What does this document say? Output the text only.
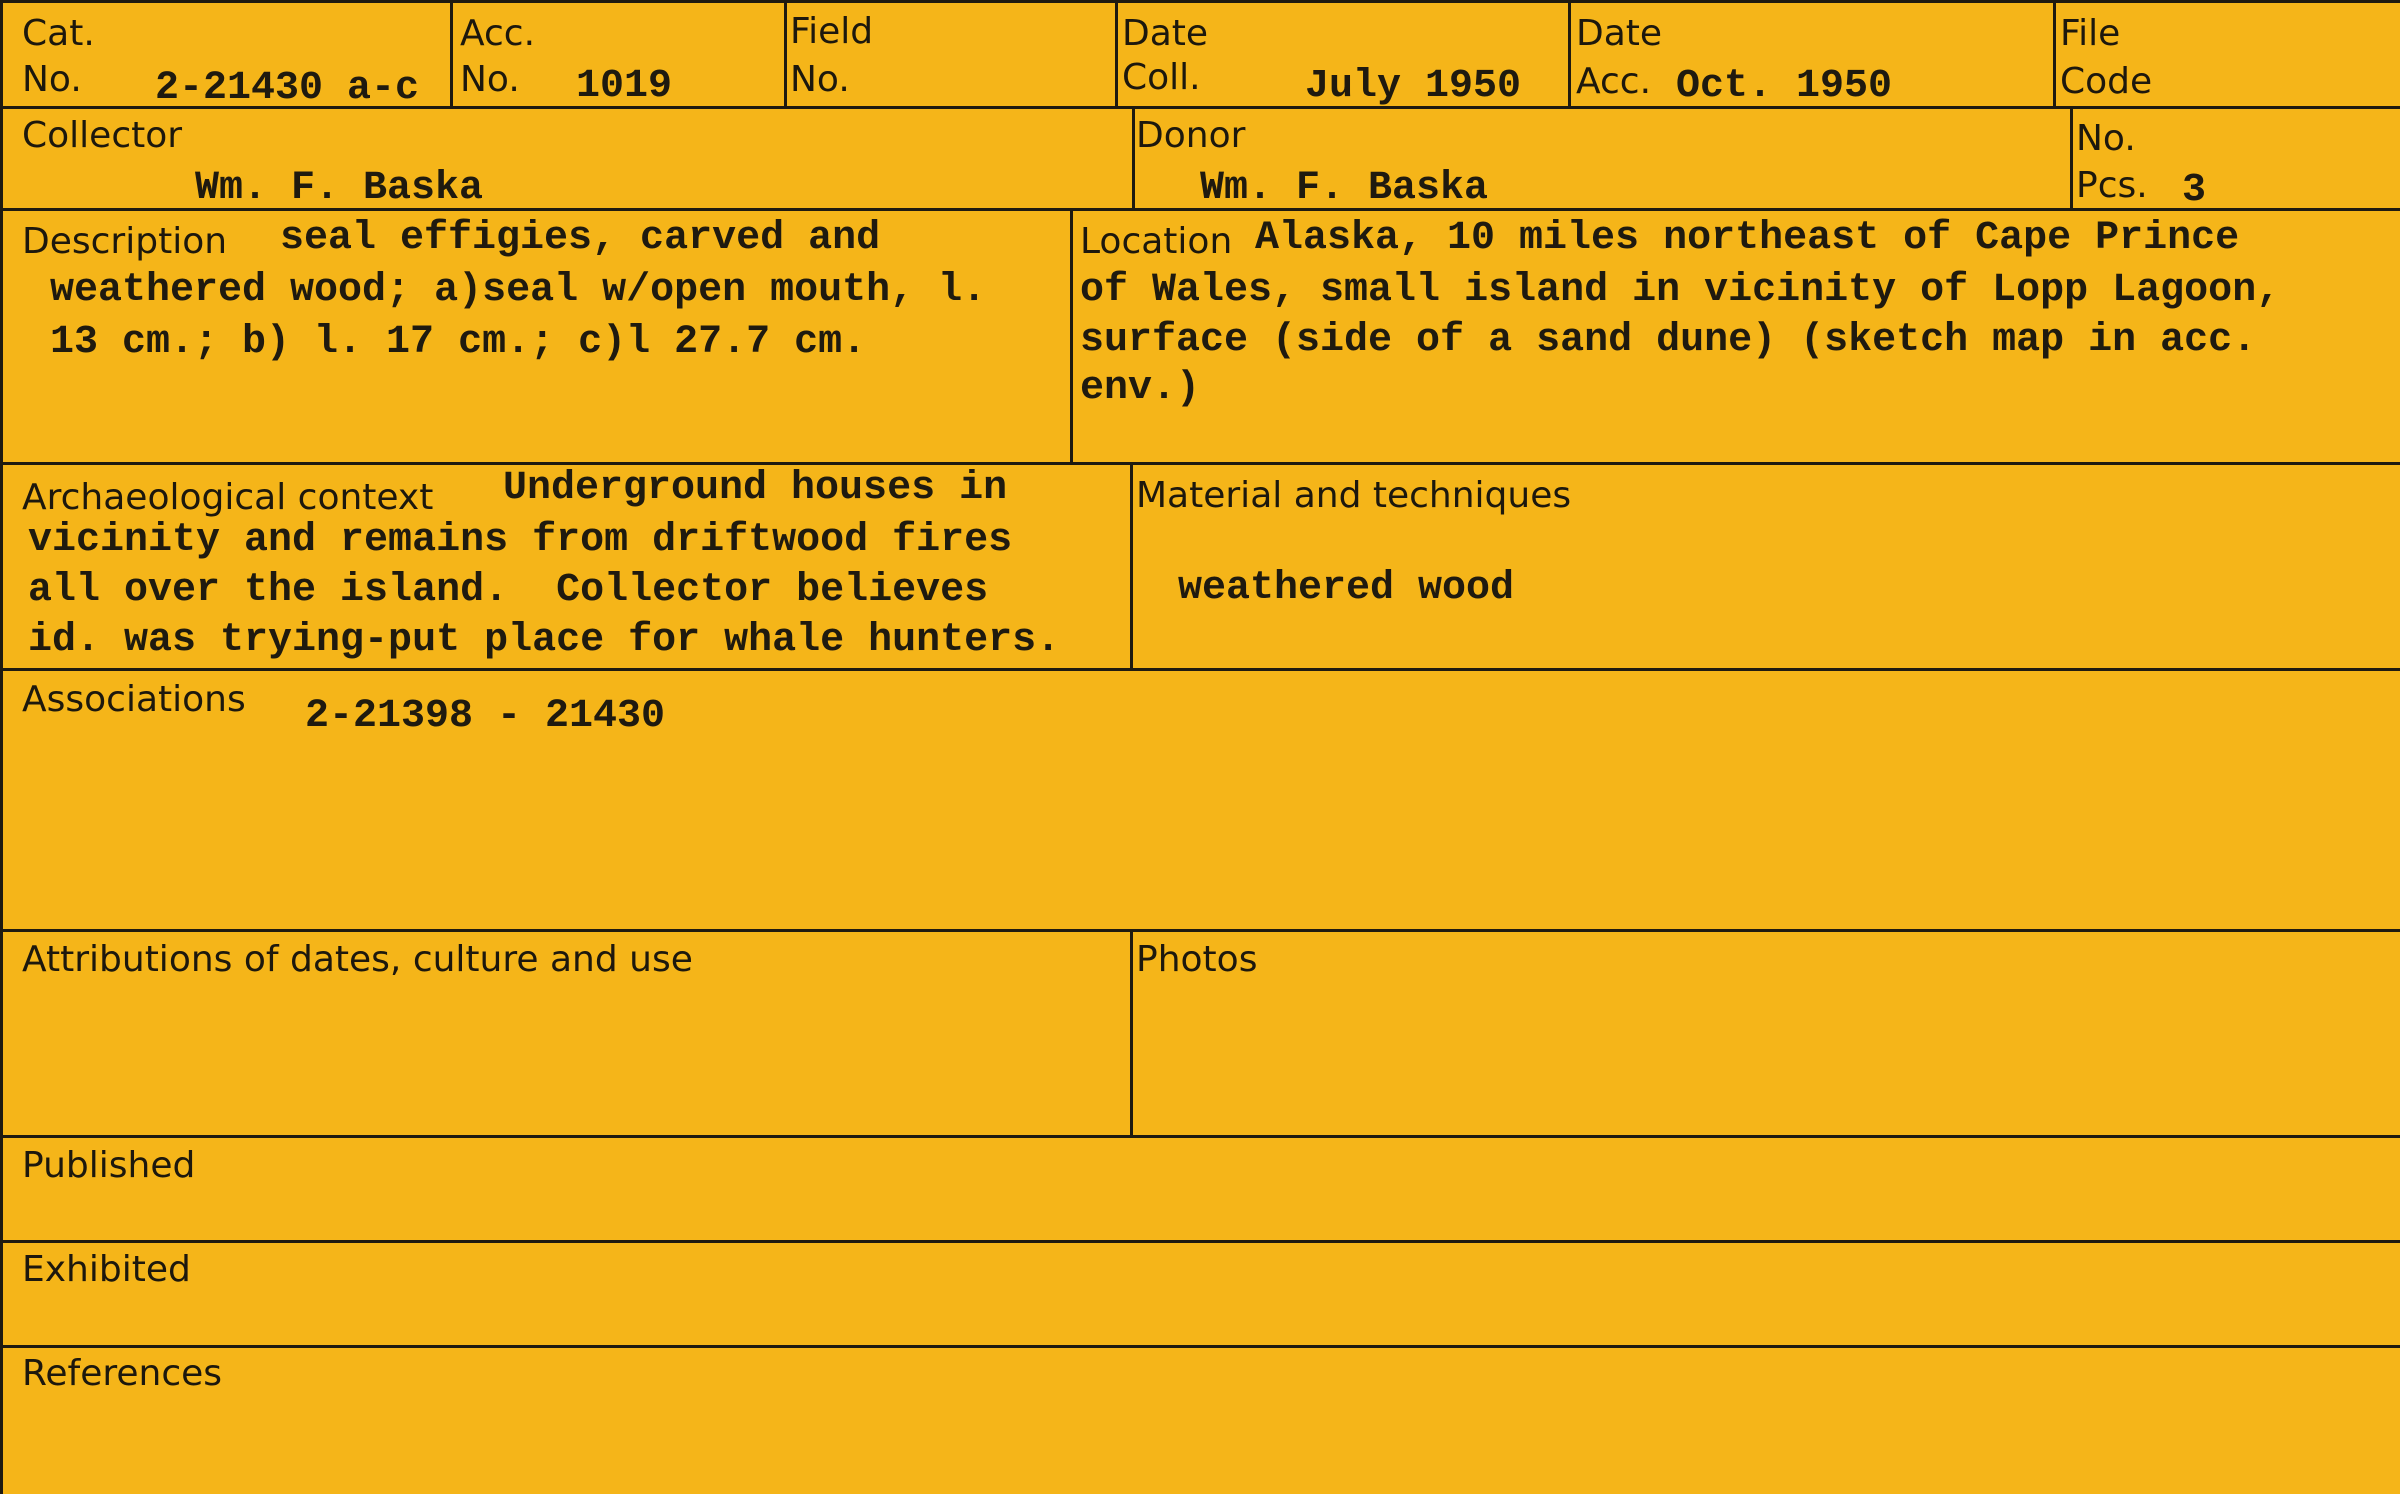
Cat.
No. 2-21430 a-c
Acc.
No. 1019
Field
No.
Date
Coll.	July 1950
Date
Acc. Oct. 1950
File
Code
Collector
Wm. F. Baska
Donor
Wm. F. Baska
No.
Pcs. 3
Description seal effigies, carved and
weathered wood; a)seal w/open mouth, l.
13 cm.; b) l. 17 cm.; c)l 27.7 cm.
Location Alaska, 10 miles northeast of Cape Prince
of Wales, small island in vicinity of Lopp Lagoon,
surface (side of a sand dune) (sketch map in acc.
env.)
Archaeological context Underground houses in
vicinity and remains from driftwood fires
all over the island.  Collector believes
id. was trying-put place for whale hunters.
Material and techniques
weathered wood
Associations 2-21398 - 21430
Attributions of dates, culture and use	Photos
Published
Exhibited
References
